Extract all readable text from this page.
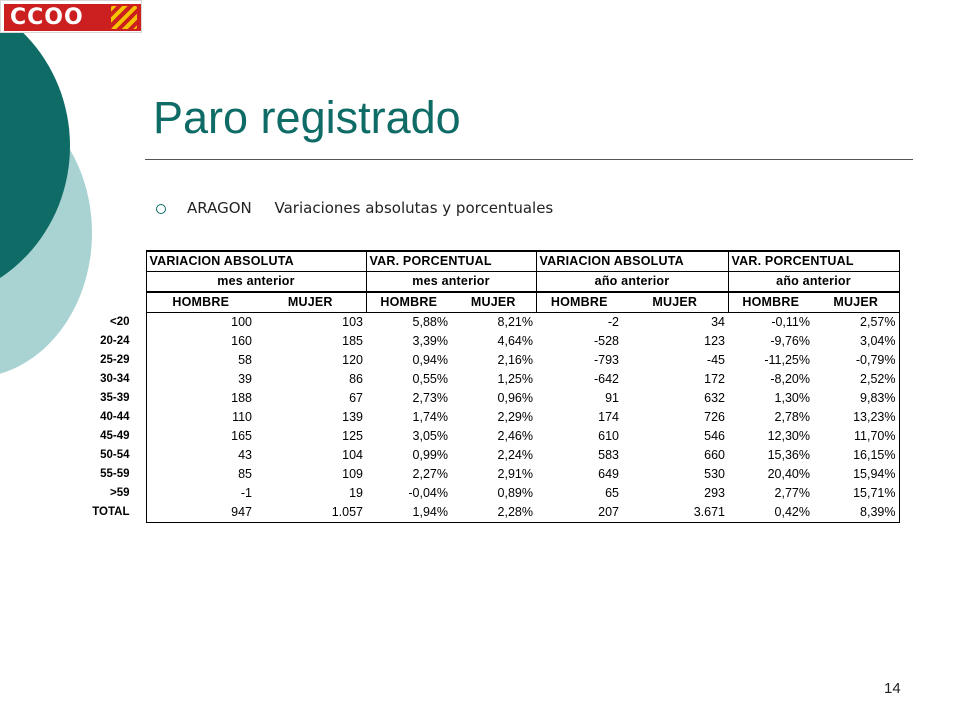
CCOO
Paro registrado
ARAGON Variaciones absolutas y porcentuales
	VARIACION ABSOLUTA		VAR. PORCENTUAL		VARIACION ABSOLUTA		VAR. PORCENTUAL	
	mes anterior		mes anterior		año anterior		año anterior	
	HOMBRE	MUJER	HOMBRE	MUJER	HOMBRE	MUJER	HOMBRE	MUJER
<20	100	103	5,88%	8,21%	-2	34	-0,11%	2,57%
20-24	160	185	3,39%	4,64%	-528	123	-9,76%	3,04%
25-29	58	120	0,94%	2,16%	-793	-45	-11,25%	-0,79%
30-34	39	86	0,55%	1,25%	-642	172	-8,20%	2,52%
35-39	188	67	2,73%	0,96%	91	632	1,30%	9,83%
40-44	110	139	1,74%	2,29%	174	726	2,78%	13,23%
45-49	165	125	3,05%	2,46%	610	546	12,30%	11,70%
50-54	43	104	0,99%	2,24%	583	660	15,36%	16,15%
55-59	85	109	2,27%	2,91%	649	530	20,40%	15,94%
>59	-1	19	-0,04%	0,89%	65	293	2,77%	15,71%
TOTAL	947	1.057	1,94%	2,28%	207	3.671	0,42%	8,39%
14
